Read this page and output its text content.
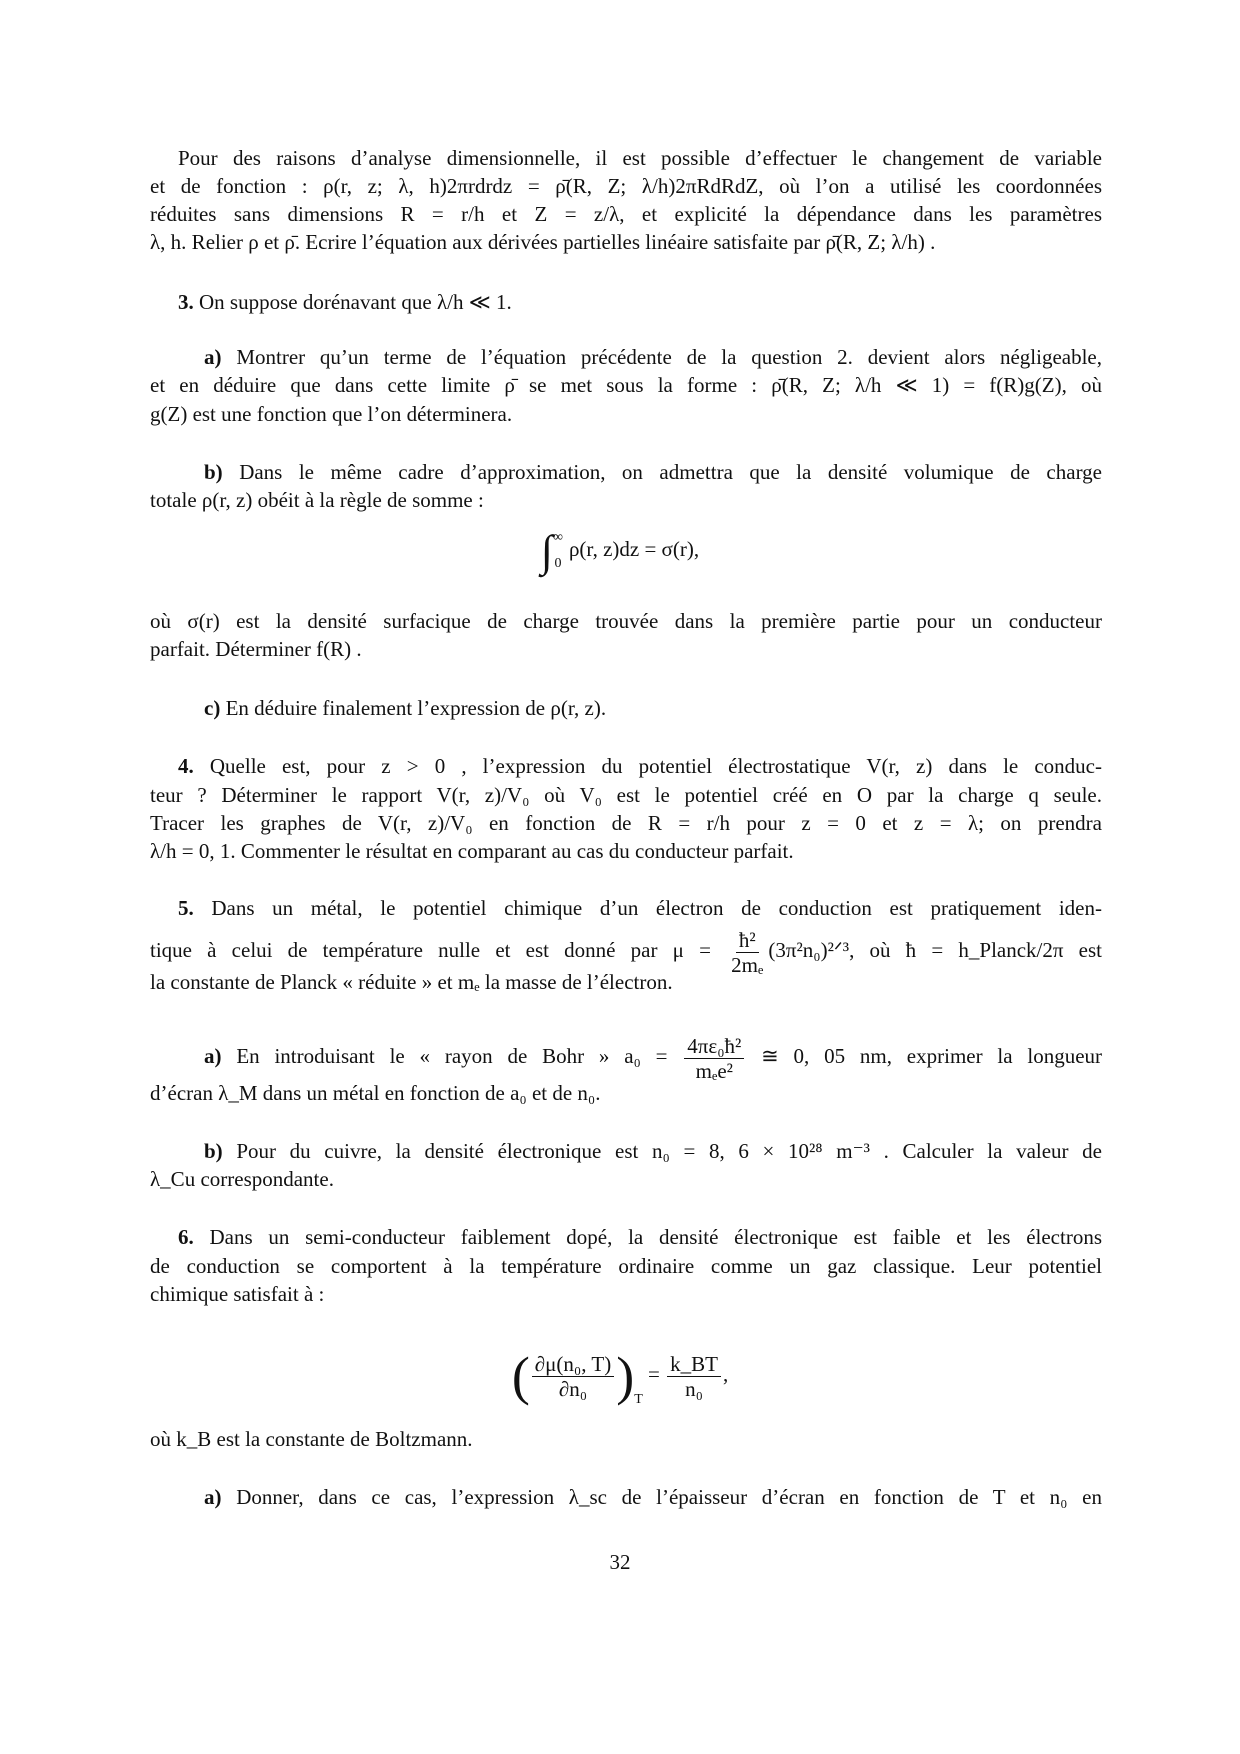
Pour des raisons d’analyse dimensionnelle, il est possible d’effectuer le changement de variable
et de fonction : ρ(r, z; λ, h)2πrdrdz = ρ̄(R, Z; λ/h)2πRdRdZ, où l’on a utilisé les coordonnées
réduites sans dimensions R = r/h et Z = z/λ, et explicité la dépendance dans les paramètres
λ, h. Relier ρ et ρ̄. Ecrire l’équation aux dérivées partielles linéaire satisfaite par ρ̄(R, Z; λ/h) .
3. On suppose dorénavant que λ/h ≪ 1.
a) Montrer qu’un terme de l’équation précédente de la question 2. devient alors négligeable,
et en déduire que dans cette limite ρ̄ se met sous la forme : ρ̄(R, Z; λ/h ≪ 1) = f(R)g(Z), où
g(Z) est une fonction que l’on déterminera.
b) Dans le même cadre d’approximation, on admettra que la densité volumique de charge
totale ρ(r, z) obéit à la règle de somme :
∫ ∞
0
ρ(r, z)dz = σ(r),
où σ(r) est la densité surfacique de charge trouvée dans la première partie pour un conducteur
parfait. Déterminer f(R) .
c) En déduire finalement l’expression de ρ(r, z).
4. Quelle est, pour z > 0 , l’expression du potentiel électrostatique V(r, z) dans le conduc-
teur ? Déterminer le rapport V(r, z)/V₀ où V₀ est le potentiel créé en O par la charge q seule.
Tracer les graphes de V(r, z)/V₀ en fonction de R = r/h pour z = 0 et z = λ; on prendra
λ/h = 0, 1. Commenter le résultat en comparant au cas du conducteur parfait.
5. Dans un métal, le potentiel chimique d’un électron de conduction est pratiquement iden-
tique à celui de température nulle et est donné par $\mu = \frac{\text{ħ²}}{\text{2mₑ}}$ (3π²n₀)²ᐟ³, où ħ = h_Planck/2π est
la constante de Planck « réduite » et mₑ la masse de l’électron.
a) En introduisant le « rayon de Bohr » $a_0 = \frac{\text{4πε₀ħ²}}{\text{mₑe²}}$ ≅ 0, 05 nm, exprimer la longueur
d’écran λ_M dans un métal en fonction de a₀ et de n₀.
b) Pour du cuivre, la densité électronique est n₀ = 8, 6 × 10²⁸ m⁻³ . Calculer la valeur de
λ_Cu correspondante.
6. Dans un semi-conducteur faiblement dopé, la densité électronique est faible et les électrons
de conduction se comportent à la température ordinaire comme un gaz classique. Leur potentiel
chimique satisfait à :
( $\frac{\text{∂μ(n₀, T)}}{\text{∂n₀}} )_T = \frac{k\_BT}{\text{n₀}}$ ,
où k_B est la constante de Boltzmann.
a) Donner, dans ce cas, l’expression λ_sc de l’épaisseur d’écran en fonction de T et n₀ en
32
